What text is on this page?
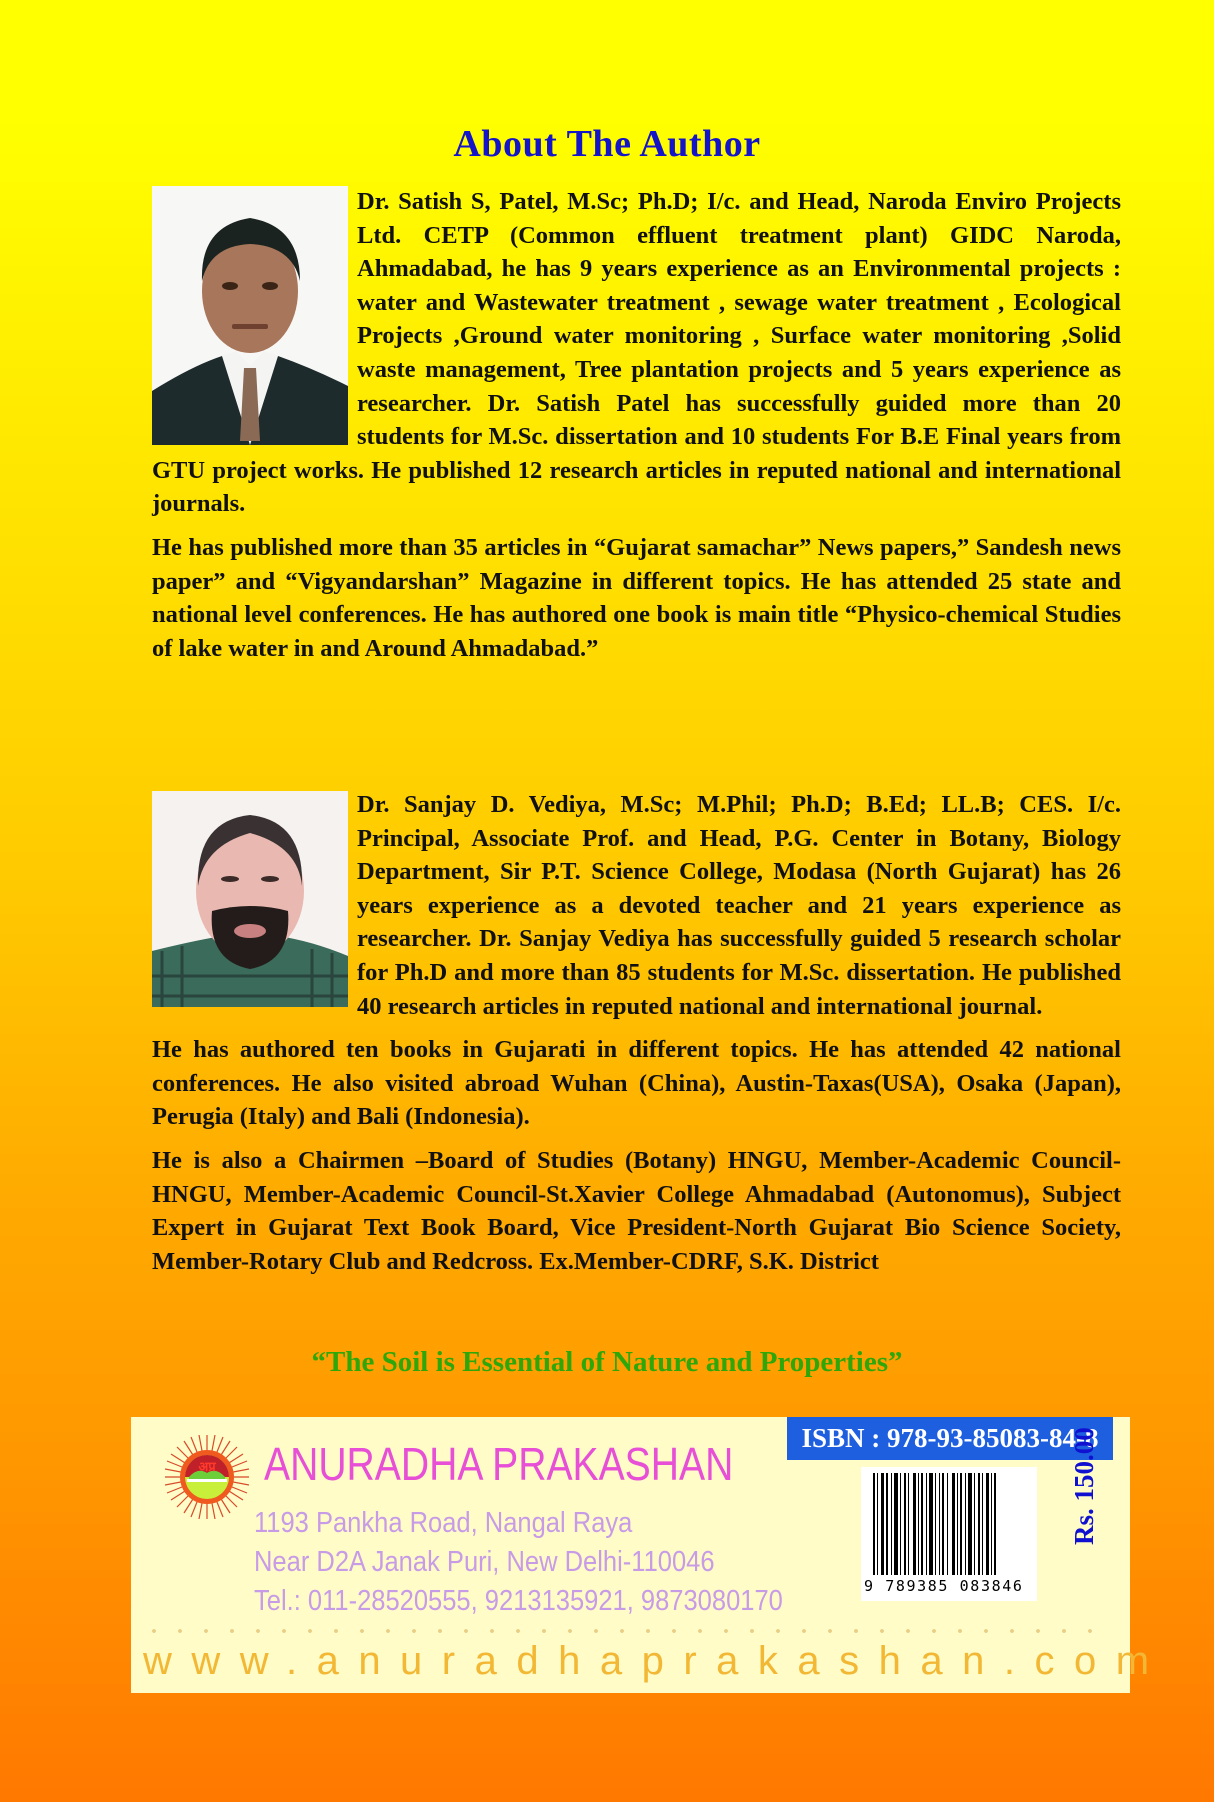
About The Author

Dr. Satish S, Patel, M.Sc; Ph.D; I/c. and Head, Naroda Enviro Projects Ltd. CETP (Common effluent treatment plant) GIDC Naroda, Ahmadabad, he has 9 years experience as an Environmental projects : water and Wastewater treatment , sewage water treatment , Ecological Projects ,Ground water monitoring , Surface water monitoring ,Solid waste management, Tree plantation projects and 5 years experience as researcher. Dr. Satish Patel has successfully guided more than 20 students for M.Sc. dissertation and 10 students For B.E Final years from GTU project works. He published 12 research articles in reputed national and international journals.

He has published more than 35 articles in “Gujarat samachar” News papers,” Sandesh news paper” and “Vigyandarshan” Magazine in different topics. He has attended 25 state and national level conferences. He has authored one book is main title “Physico-chemical Studies of lake water in and Around Ahmadabad.”

Dr. Sanjay D. Vediya, M.Sc; M.Phil; Ph.D; B.Ed; LL.B; CES. I/c. Principal, Associate Prof. and Head, P.G. Center in Botany, Biology Department, Sir P.T. Science College, Modasa (North Gujarat) has 26 years experience as a devoted teacher and 21 years experience as researcher. Dr. Sanjay Vediya has successfully guided 5 research scholar for Ph.D and more than 85 students for M.Sc. dissertation. He published 40 research articles in reputed national and international journal.

He has authored ten books in Gujarati in different topics. He has attended 42 national conferences. He also visited abroad Wuhan (China), Austin-Taxas(USA), Osaka (Japan), Perugia (Italy) and Bali (Indonesia).

He is also a Chairmen –Board of Studies (Botany) HNGU, Member-Academic Council-HNGU, Member-Academic Council-St.Xavier College Ahmadabad (Autonomus), Subject Expert in Gujarat Text Book Board, Vice President-North Gujarat Bio Science Society, Member-Rotary Club and Redcross. Ex.Member-CDRF, S.K. District

“The Soil is Essential of Nature and Properties”
अप्र ANURADHA PRAKASHAN
1193 Pankha Road, Nangal Raya
Near D2A Janak Puri, New Delhi-110046
Tel.: 011-28520555, 9213135921, 9873080170
www.anuradhaprakashan.com
ISBN : 978-93-85083-84-8
9 789385 083846
Rs. 150.00
